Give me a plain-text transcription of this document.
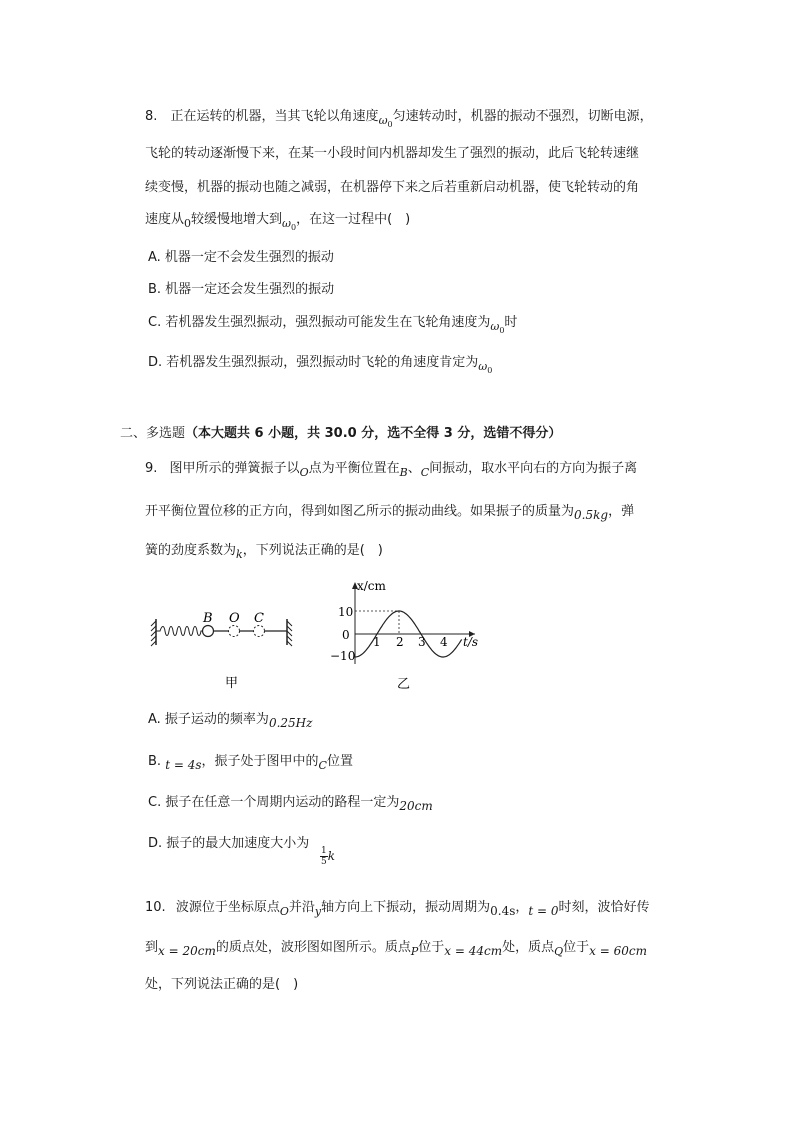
8. 正在运转的机器，当其飞轮以角速度$_{\omega_0}$匀速转动时，机器的振动不强烈，切断电源，
飞轮的转动逐渐慢下来，在某一小段时间内机器却发生了强烈的振动，此后飞轮转速继
续变慢，机器的振动也随之减弱，在机器停下来之后若重新启动机器，使飞轮转动的角
速度从$_0$较缓慢地增大到$_{\omega_0}$，在这一过程中(　)
A. 机器一定不会发生强烈的振动
B. 机器一定还会发生强烈的振动
C. 若机器发生强烈振动，强烈振动可能发生在飞轮角速度为$_{\omega_0}$时
D. 若机器发生强烈振动，强烈振动时飞轮的角速度肯定为$_{\omega_0}$
二、多选题（本大题共 6 小题，共 30.0 分，选不全得 3 分，选错不得分）
9. 图甲所示的弹簧振子以$_O$点为平衡位置在$_B$、$_C$间振动，取水平向右的方向为振子离
开平衡位置位移的正方向，得到如图乙所示的振动曲线。如果振子的质量为0.5kg，弹
簧的劲度系数为$_k$，下列说法正确的是(　)
B O C
甲
x/cm
10
0
−10
1 2 3 4 t/s
乙
A. 振子运动的频率为0.25Hz
B. t = 4s，振子处于图甲中的$_C$位置
C. 振子在任意一个周期内运动的路程一定为20cm
D. 振子的最大加速度大小为
$\frac{1}{5}$ k
10. 波源位于坐标原点$_O$并沿$_y$轴方向上下振动，振动周期为0.4s，t = 0时刻，波恰好传
到x = 20cm的质点处，波形图如图所示。质点$_P$位于x = 44cm处，质点$_Q$位于x = 60cm
处，下列说法正确的是(　)
